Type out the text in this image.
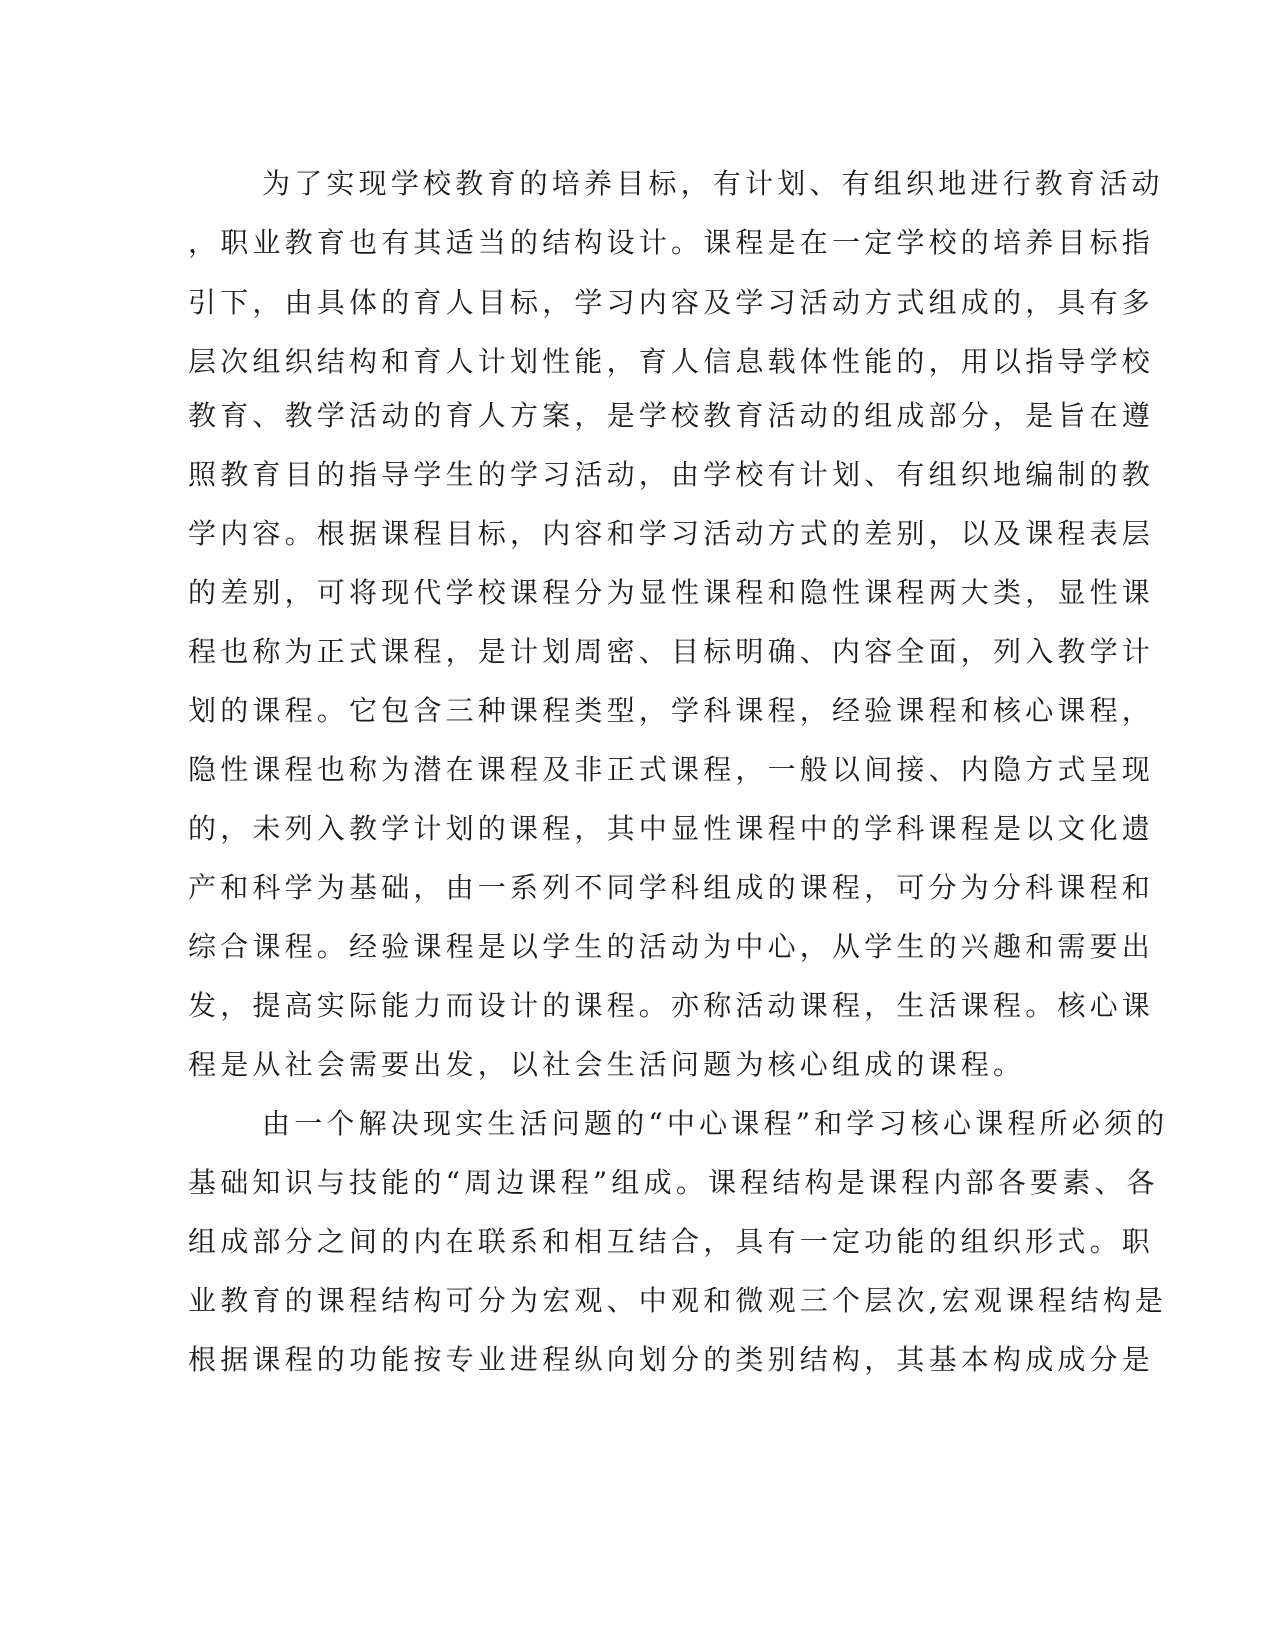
为了实现学校教育的培养目标，有计划、有组织地进行教育活动
，职业教育也有其适当的结构设计。课程是在一定学校的培养目标指
引下，由具体的育人目标，学习内容及学习活动方式组成的，具有多
层次组织结构和育人计划性能，育人信息载体性能的，用以指导学校
教育、教学活动的育人方案，是学校教育活动的组成部分，是旨在遵
照教育目的指导学生的学习活动，由学校有计划、有组织地编制的教
学内容。根据课程目标，内容和学习活动方式的差别，以及课程表层
的差别，可将现代学校课程分为显性课程和隐性课程两大类，显性课
程也称为正式课程，是计划周密、目标明确、内容全面，列入教学计
划的课程。它包含三种课程类型，学科课程，经验课程和核心课程，
隐性课程也称为潜在课程及非正式课程，一般以间接、内隐方式呈现
的，未列入教学计划的课程，其中显性课程中的学科课程是以文化遗
产和科学为基础，由一系列不同学科组成的课程，可分为分科课程和
综合课程。经验课程是以学生的活动为中心，从学生的兴趣和需要出
发，提高实际能力而设计的课程。亦称活动课程，生活课程。核心课
程是从社会需要出发，以社会生活问题为核心组成的课程。
由一个解决现实生活问题的“中心课程”和学习核心课程所必须的
基础知识与技能的“周边课程”组成。课程结构是课程内部各要素、各
组成部分之间的内在联系和相互结合，具有一定功能的组织形式。职
业教育的课程结构可分为宏观、中观和微观三个层次,宏观课程结构是
根据课程的功能按专业进程纵向划分的类别结构，其基本构成成分是
